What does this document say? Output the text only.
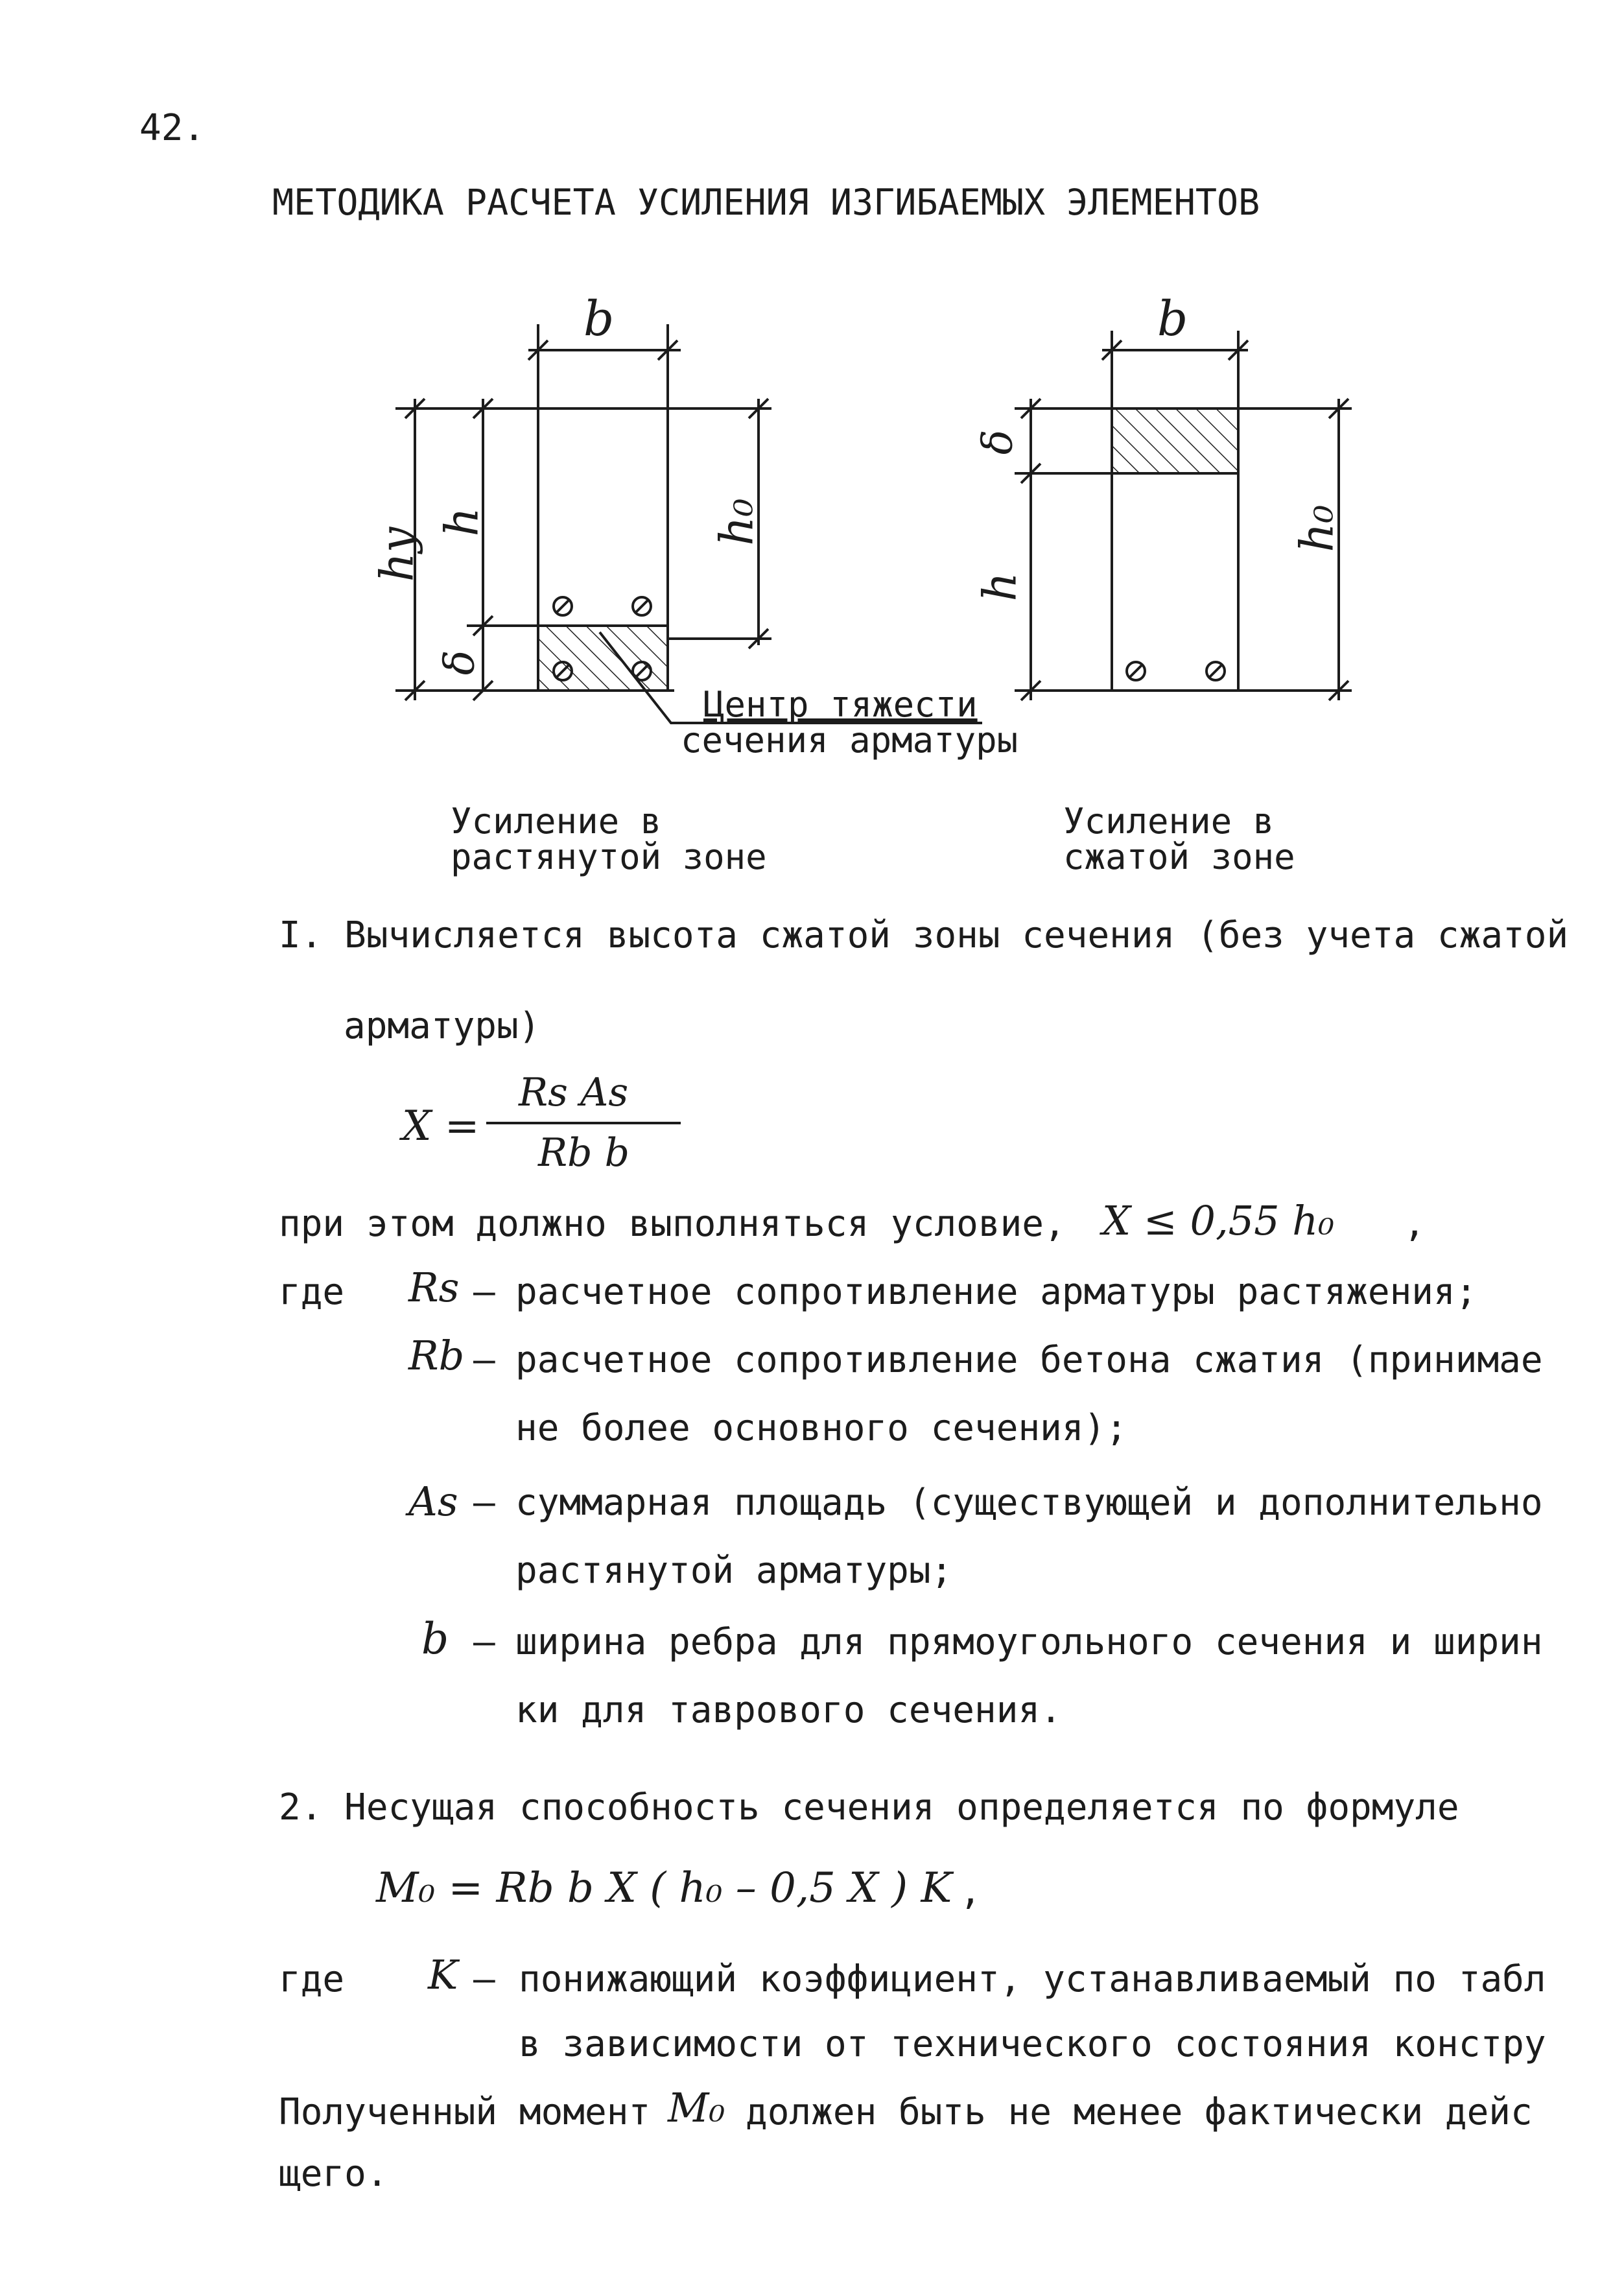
42.
МЕТОДИКА РАСЧЕТА УСИЛЕНИЯ ИЗГИБАЕМЫХ ЭЛЕМЕНТОВ
b
h
hy
δ
h₀
Центр тяжести
сечения арматуры
Усиление в
растянутой зоне
b
δ
h
h₀
Усиление в
сжатой зоне
I. Вычисляется высота сжатой зоны сечения (без учета сжатой
арматуры)
X =
Rs As
Rb b
при этом должно выполняться условие, X ≤ 0,55 h₀ ,
где Rs – расчетное сопротивление арматуры растяжения;
Rb – расчетное сопротивление бетона сжатия (принимае
не более основного сечения);
As – суммарная площадь (существующей и дополнительно
растянутой арматуры;
b – ширина ребра для прямоугольного сечения и ширин
ки для таврового сечения.
2. Несущая способность сечения определяется по формуле
M₀ = Rb b X ( h₀ – 0,5 X ) K ,
где K – понижающий коэффициент, устанавливаемый по табл
в зависимости от технического состояния констру
Полученный момент M₀ должен быть не менее фактически дейс
щего.
